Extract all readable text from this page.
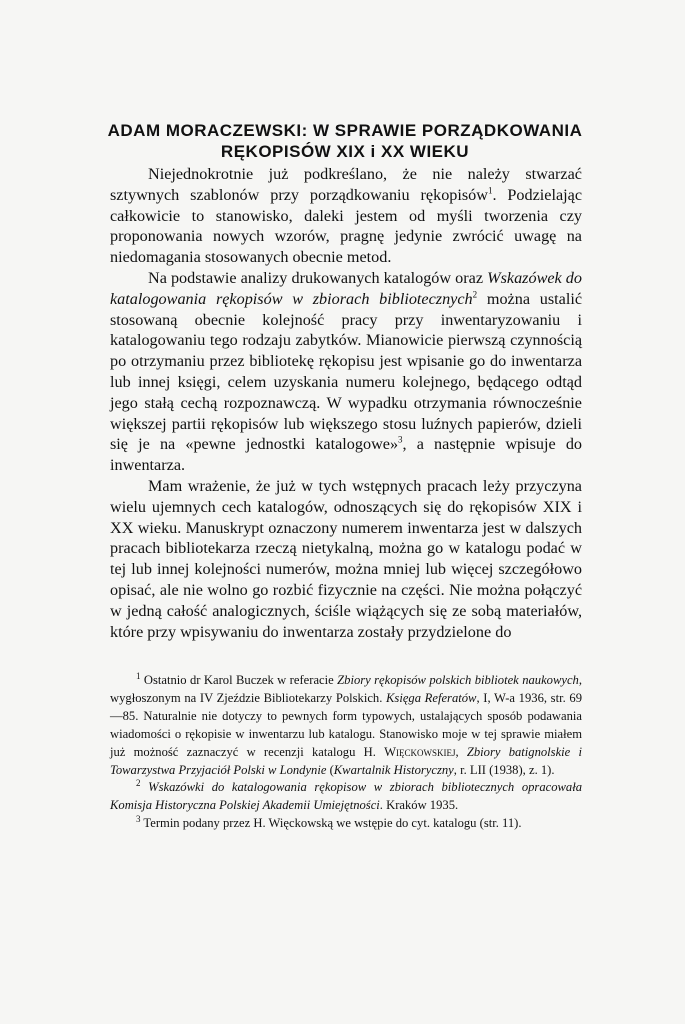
ADAM MORACZEWSKI: W SPRAWIE PORZĄDKOWANIA
RĘKOPISÓW XIX i XX WIEKU

Niejednokrotnie już podkreślano, że nie należy stwarzać sztywnych szablonów przy porządkowaniu rękopisów$^1$. Podzielając całkowicie to stanowisko, daleki jestem od myśli tworzenia czy proponowania nowych wzorów, pragnę jedynie zwrócić uwagę na niedomagania stosowanych obecnie metod.

Na podstawie analizy drukowanych katalogów oraz Wskazówek do katalogowania rękopisów w zbiorach bibliotecznych$^2$ można ustalić stosowaną obecnie kolejność pracy przy inwentaryzowaniu i katalogowaniu tego rodzaju zabytków. Mianowicie pierwszą czynnością po otrzymaniu przez bibliotekę rękopisu jest wpisanie go do inwentarza lub innej księgi, celem uzyskania numeru kolejnego, będącego odtąd jego stałą cechą rozpoznawczą. W wypadku otrzymania równocześnie większej partii rękopisów lub większego stosu luźnych papierów, dzieli się je na «pewne jednostki katalogowe»$^3$, a następnie wpisuje do inwentarza.

Mam wrażenie, że już w tych wstępnych pracach leży przyczyna wielu ujemnych cech katalogów, odnoszących się do rękopisów XIX i XX wieku. Manuskrypt oznaczony numerem inwentarza jest w dalszych pracach bibliotekarza rzeczą nietykalną, można go w katalogu podać w tej lub innej kolejności numerów, można mniej lub więcej szczegółowo opisać, ale nie wolno go rozbić fizycznie na części. Nie można połączyć w jedną całość analogicznych, ściśle wiążących się ze sobą materiałów, które przy wpisywaniu do inwentarza zostały przydzielone do

$^1$ Ostatnio dr Karol Buczek w referacie Zbiory rękopisów polskich bibliotek naukowych, wygłoszonym na IV Zjeździe Bibliotekarzy Polskich. Księga Referatów, I, W-a 1936, str. 69—85. Naturalnie nie dotyczy to pewnych form typowych, ustalających sposób podawania wiadomości o rękopisie w inwentarzu lub katalogu. Stanowisko moje w tej sprawie miałem już możność zaznaczyć w recenzji katalogu H. Więckowskiej, Zbiory batignolskie i Towarzystwa Przyjaciół Polski w Londynie (Kwartalnik Historyczny, r. LII (1938), z. 1).

$^2$ Wskazówki do katalogowania rękopisow w zbiorach bibliotecznych opracowała Komisja Historyczna Polskiej Akademii Umiejętności. Kraków 1935.

$^3$ Termin podany przez H. Więckowską we wstępie do cyt. katalogu (str. 11).
